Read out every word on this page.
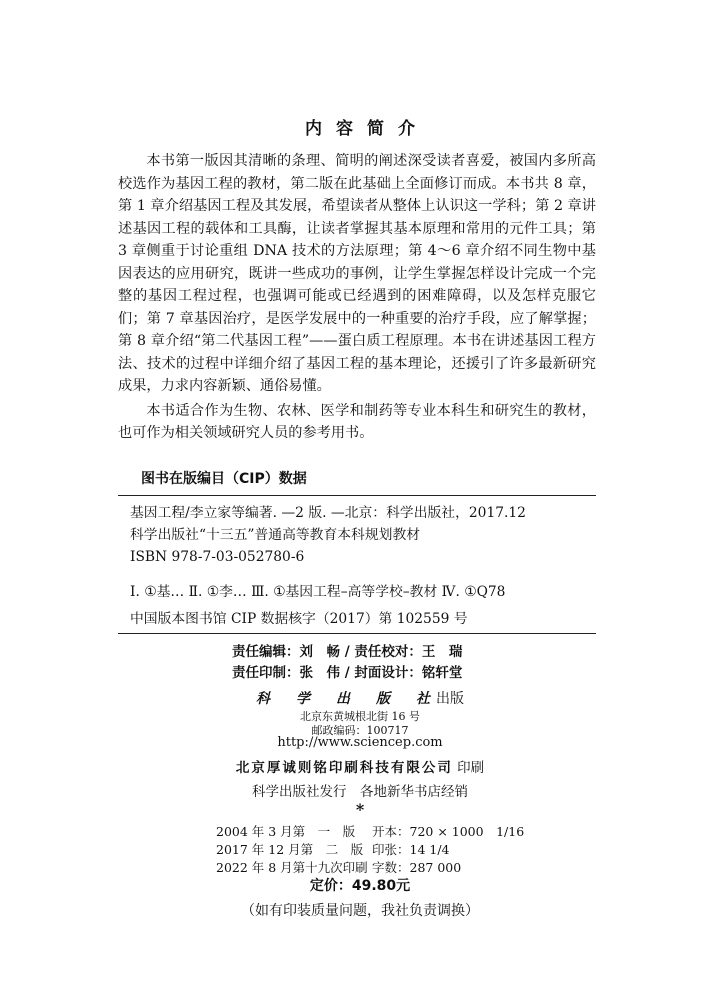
内容简介

本书第一版因其清晰的条理、简明的阐述深受读者喜爱，被国内多所高校选作为基因工程的教材，第二版在此基础上全面修订而成。本书共 8 章，第 1 章介绍基因工程及其发展，希望读者从整体上认识这一学科；第 2 章讲述基因工程的载体和工具酶，让读者掌握其基本原理和常用的元件工具；第 3 章侧重于讨论重组 DNA 技术的方法原理；第 4～6 章介绍不同生物中基因表达的应用研究，既讲一些成功的事例，让学生掌握怎样设计完成一个完整的基因工程过程，也强调可能或已经遇到的困难障碍，以及怎样克服它们；第 7 章基因治疗，是医学发展中的一种重要的治疗手段，应了解掌握；第 8 章介绍“第二代基因工程”——蛋白质工程原理。本书在讲述基因工程方法、技术的过程中详细介绍了基因工程的基本理论，还援引了许多最新研究成果，力求内容新颖、通俗易懂。

本书适合作为生物、农林、医学和制药等专业本科生和研究生的教材，也可作为相关领域研究人员的参考用书。

图书在版编目（CIP）数据
基因工程/李立家等编著. —2 版. —北京：科学出版社，2017.12
科学出版社“十三五”普通高等教育本科规划教材
ISBN 978-7-03-052780-6
Ⅰ. ①基… Ⅱ. ①李… Ⅲ. ①基因工程–高等学校–教材 Ⅳ. ①Q78
中国版本图书馆 CIP 数据核字（2017）第 102559 号
责任编辑：刘　畅 / 责任校对：王　瑞
责任印制：张　伟 / 封面设计：铭轩堂
科　学　出　版　社出版
北京东黄城根北街 16 号
邮政编码：100717
http://www.sciencep.com
北京厚诚则铭印刷科技有限公司 印刷
科学出版社发行　各地新华书店经销
*
2004 年 3 月第　一　版 开本：720 × 1000　1/16
2017 年 12 月第　二　版 印张：14 1/4
2022 年 8 月第十九次印刷 字数：287 000
定价：49.80元
（如有印装质量问题，我社负责调换）
